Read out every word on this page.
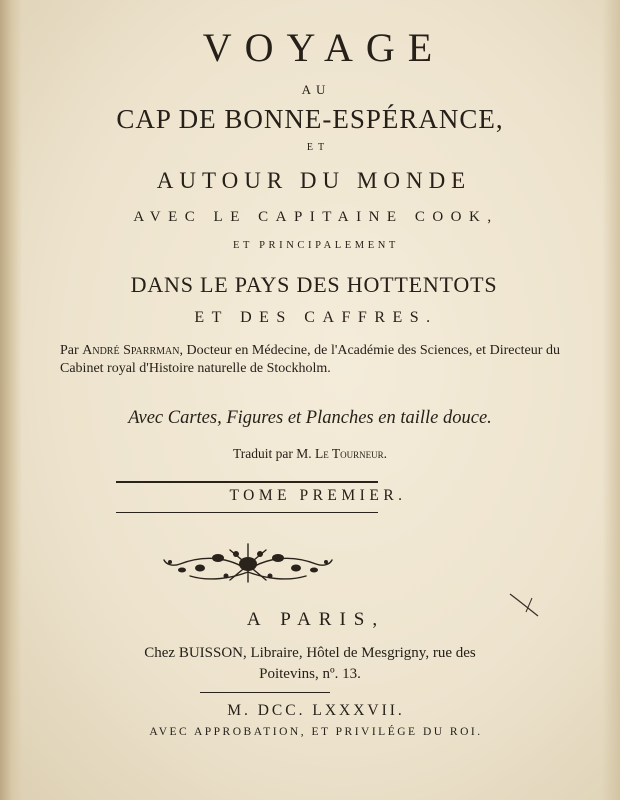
VOYAGE
AU
CAP DE BONNE-ESPÉRANCE,
ET
AUTOUR DU MONDE
AVEC LE CAPITAINE COOK,
ET PRINCIPALEMENT
DANS LE PAYS DES HOTTENTOTS
ET DES CAFFRES.
Par André Sparrman, Docteur en Médecine, de l'Académie des Sciences, et Directeur du Cabinet royal d'Histoire naturelle de Stockholm.
Avec Cartes, Figures et Planches en taille douce.
Traduit par M. Le Tourneur.
TOME PREMIER.
A PARIS,
Chez BUISSON, Libraire, Hôtel de Mesgrigny, rue des
Poitevins, nº. 13.
M. DCC. LXXXVII.
AVEC APPROBATION, ET PRIVILÉGE DU ROI.
